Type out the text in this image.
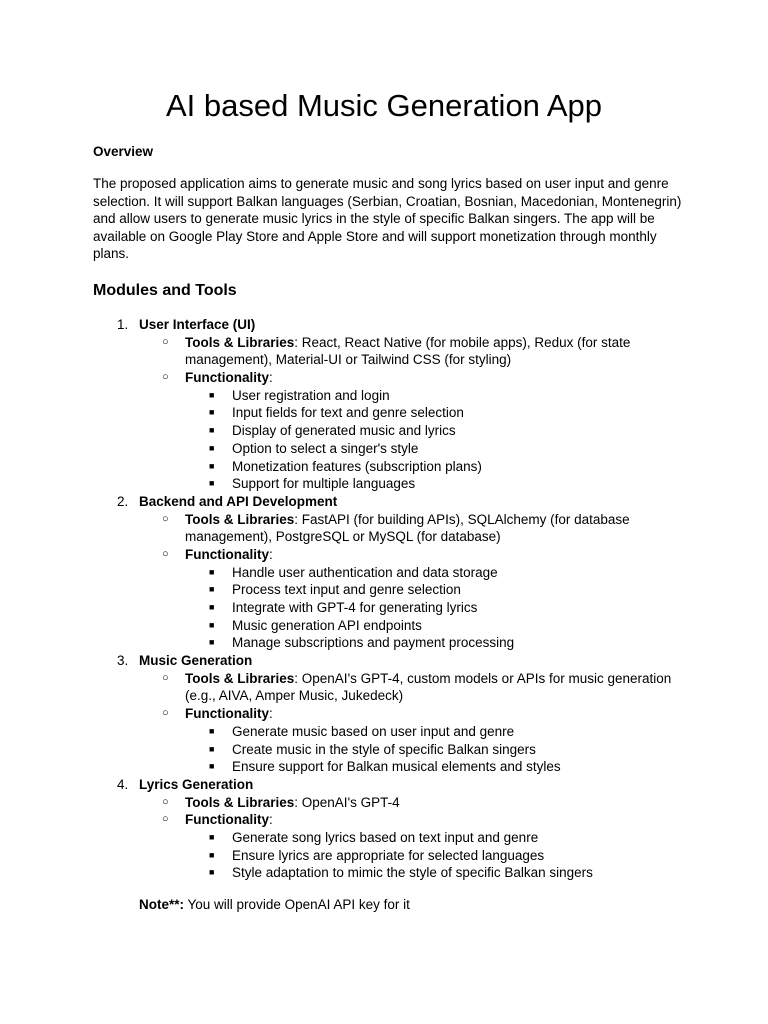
AI based Music Generation App

Overview

The proposed application aims to generate music and song lyrics based on user input and genre selection. It will support Balkan languages (Serbian, Croatian, Bosnian, Macedonian, Montenegrin) and allow users to generate music lyrics in the style of specific Balkan singers. The app will be available on Google Play Store and Apple Store and will support monetization through monthly plans.

Modules and Tools
1. User Interface (UI)
○ Tools & Libraries: React, React Native (for mobile apps), Redux (for state management), Material-UI or Tailwind CSS (for styling)
○ Functionality:
■ User registration and login
■ Input fields for text and genre selection
■ Display of generated music and lyrics
■ Option to select a singer's style
■ Monetization features (subscription plans)
■ Support for multiple languages
2. Backend and API Development
○ Tools & Libraries: FastAPI (for building APIs), SQLAlchemy (for database management), PostgreSQL or MySQL (for database)
○ Functionality:
■ Handle user authentication and data storage
■ Process text input and genre selection
■ Integrate with GPT-4 for generating lyrics
■ Music generation API endpoints
■ Manage subscriptions and payment processing
3. Music Generation
○ Tools & Libraries: OpenAI's GPT-4, custom models or APIs for music generation (e.g., AIVA, Amper Music, Jukedeck)
○ Functionality:
■ Generate music based on user input and genre
■ Create music in the style of specific Balkan singers
■ Ensure support for Balkan musical elements and styles
4. Lyrics Generation
○ Tools & Libraries: OpenAI's GPT-4
○ Functionality:
■ Generate song lyrics based on text input and genre
■ Ensure lyrics are appropriate for selected languages
■ Style adaptation to mimic the style of specific Balkan singers

Note**: You will provide OpenAI API key for it
